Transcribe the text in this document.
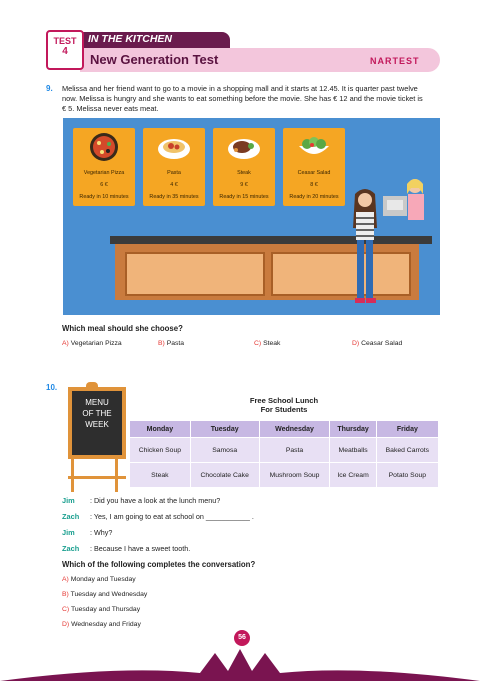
TEST
4
IN THE KITCHEN
New Generation Test	NARTEST
9. Melissa and her friend want to go to a movie in a shopping mall and it starts at 12.45. It is quarter past twelve
now. Melissa is hungry and she wants to eat something before the movie. She has € 12 and the movie ticket is
€ 5. Melissa never eats meat.
Vegetarian Pizza
6 €
Ready in 10 minutes
Pasta
4 €
Ready in 35 minutes
Steak
9 €
Ready in 15 minutes
Ceasar Salad
8 €
Ready in 20 minutes
Which meal should she choose?
A) Vegetarian Pizza	B) Pasta	C) Steak	D) Ceasar Salad
10.
MENU
OF THE
WEEK
Free School Lunch
For Students
Monday	Tuesday	Wednesday	Thursday	Friday
Chicken Soup	Samosa	Pasta	Meatballs	Baked Carrots
Steak	Chocolate Cake	Mushroom Soup	Ice Cream	Potato Soup
Jim : Did you have a look at the lunch menu?
Zach : Yes, I am going to eat at school on ___________ .
Jim : Why?
Zach : Because I have a sweet tooth.
Which of the following completes the conversation?
A) Monday and Tuesday
B) Tuesday and Wednesday
C) Tuesday and Thursday
D) Wednesday and Friday
56
